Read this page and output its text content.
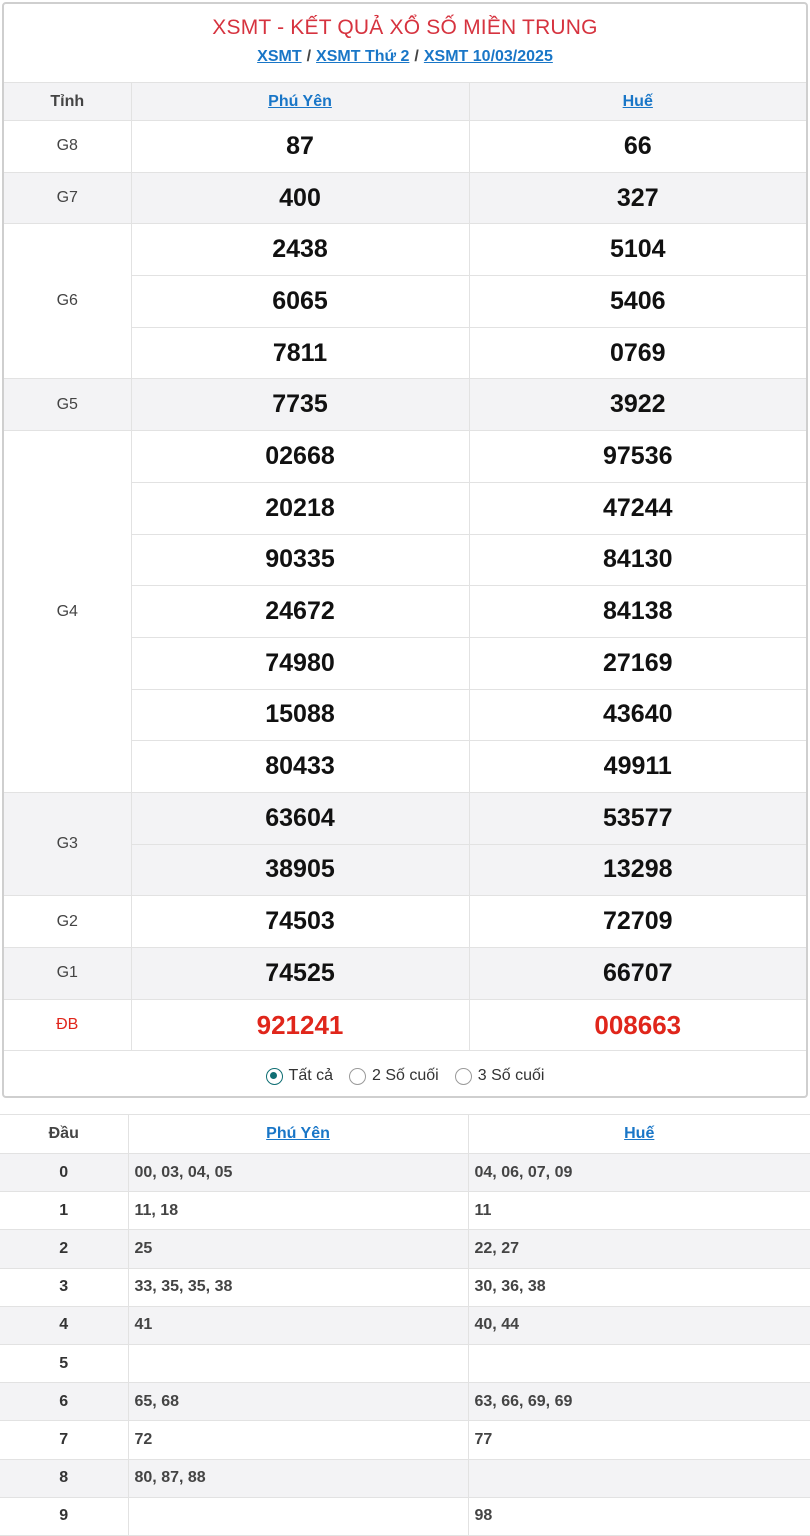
XSMT - KẾT QUẢ XỔ SỐ MIỀN TRUNG
XSMT / XSMT Thứ 2 / XSMT 10/03/2025
Tỉnh	Phú Yên	Huế
G8	87	66
G7	400	327
G6	2438	5104
	6065	5406
	7811	0769
G5	7735	3922
G4	02668	97536
	20218	47244
	90335	84130
	24672	84138
	74980	27169
	15088	43640
	80433	49911
G3	63604	53577
	38905	13298
G2	74503	72709
G1	74525	66707
ĐB	921241	008663
Tất cả 2 Số cuối 3 Số cuối
Đầu	Phú Yên	Huế
0	00, 03, 04, 05	04, 06, 07, 09
1	11, 18	11
2	25	22, 27
3	33, 35, 35, 38	30, 36, 38
4	41	40, 44
5		
6	65, 68	63, 66, 69, 69
7	72	77
8	80, 87, 88	
9		98
